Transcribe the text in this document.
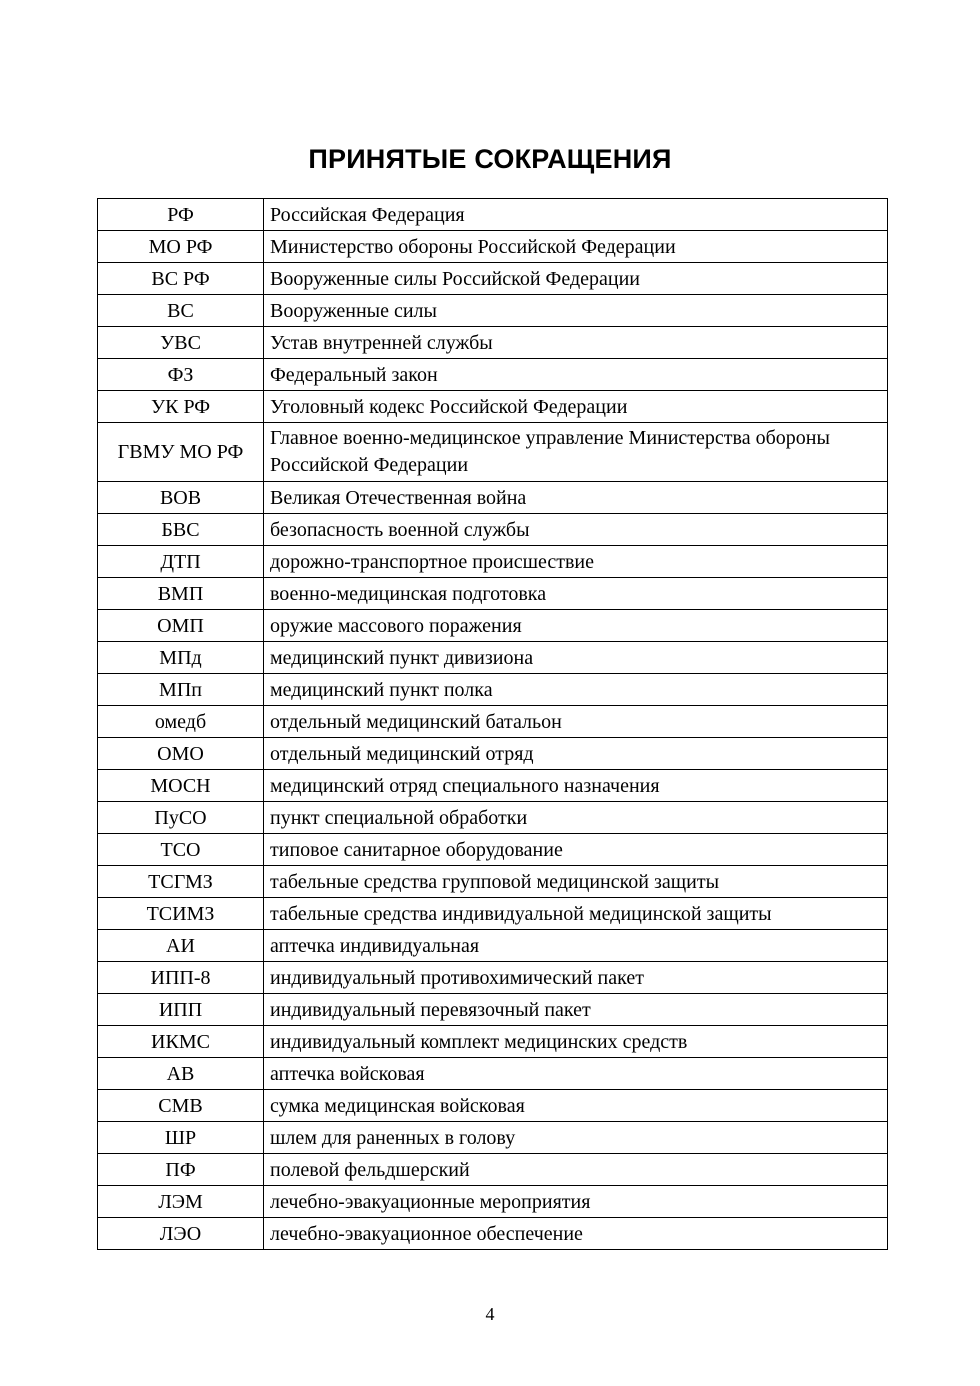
ПРИНЯТЫЕ СОКРАЩЕНИЯ
РФ	Российская Федерация
МО РФ	Министерство обороны Российской Федерации
ВС РФ	Вооруженные силы Российской Федерации
ВС	Вооруженные силы
УВС	Устав внутренней службы
ФЗ	Федеральный закон
УК РФ	Уголовный кодекс Российской Федерации
ГВМУ МО РФ	Главное военно-медицинское управление Министерства обороны Российской Федерации
ВОВ	Великая Отечественная война
БВС	безопасность военной службы
ДТП	дорожно-транспортное происшествие
ВМП	военно-медицинская подготовка
ОМП	оружие массового поражения
МПд	медицинский пункт дивизиона
МПп	медицинский пункт полка
омедб	отдельный медицинский батальон
ОМО	отдельный медицинский отряд
МОСН	медицинский отряд специального назначения
ПуСО	пункт специальной обработки
ТСО	типовое санитарное оборудование
ТСГМЗ	табельные средства групповой медицинской защиты
ТСИМЗ	табельные средства индивидуальной медицинской защиты
АИ	аптечка индивидуальная
ИПП-8	индивидуальный противохимический пакет
ИПП	индивидуальный перевязочный пакет
ИКМС	индивидуальный комплект медицинских средств
АВ	аптечка войсковая
СМВ	сумка медицинская войсковая
ШР	шлем для раненных в голову
ПФ	полевой фельдшерский
ЛЭМ	лечебно-эвакуационные мероприятия
ЛЭО	лечебно-эвакуационное обеспечение
4
